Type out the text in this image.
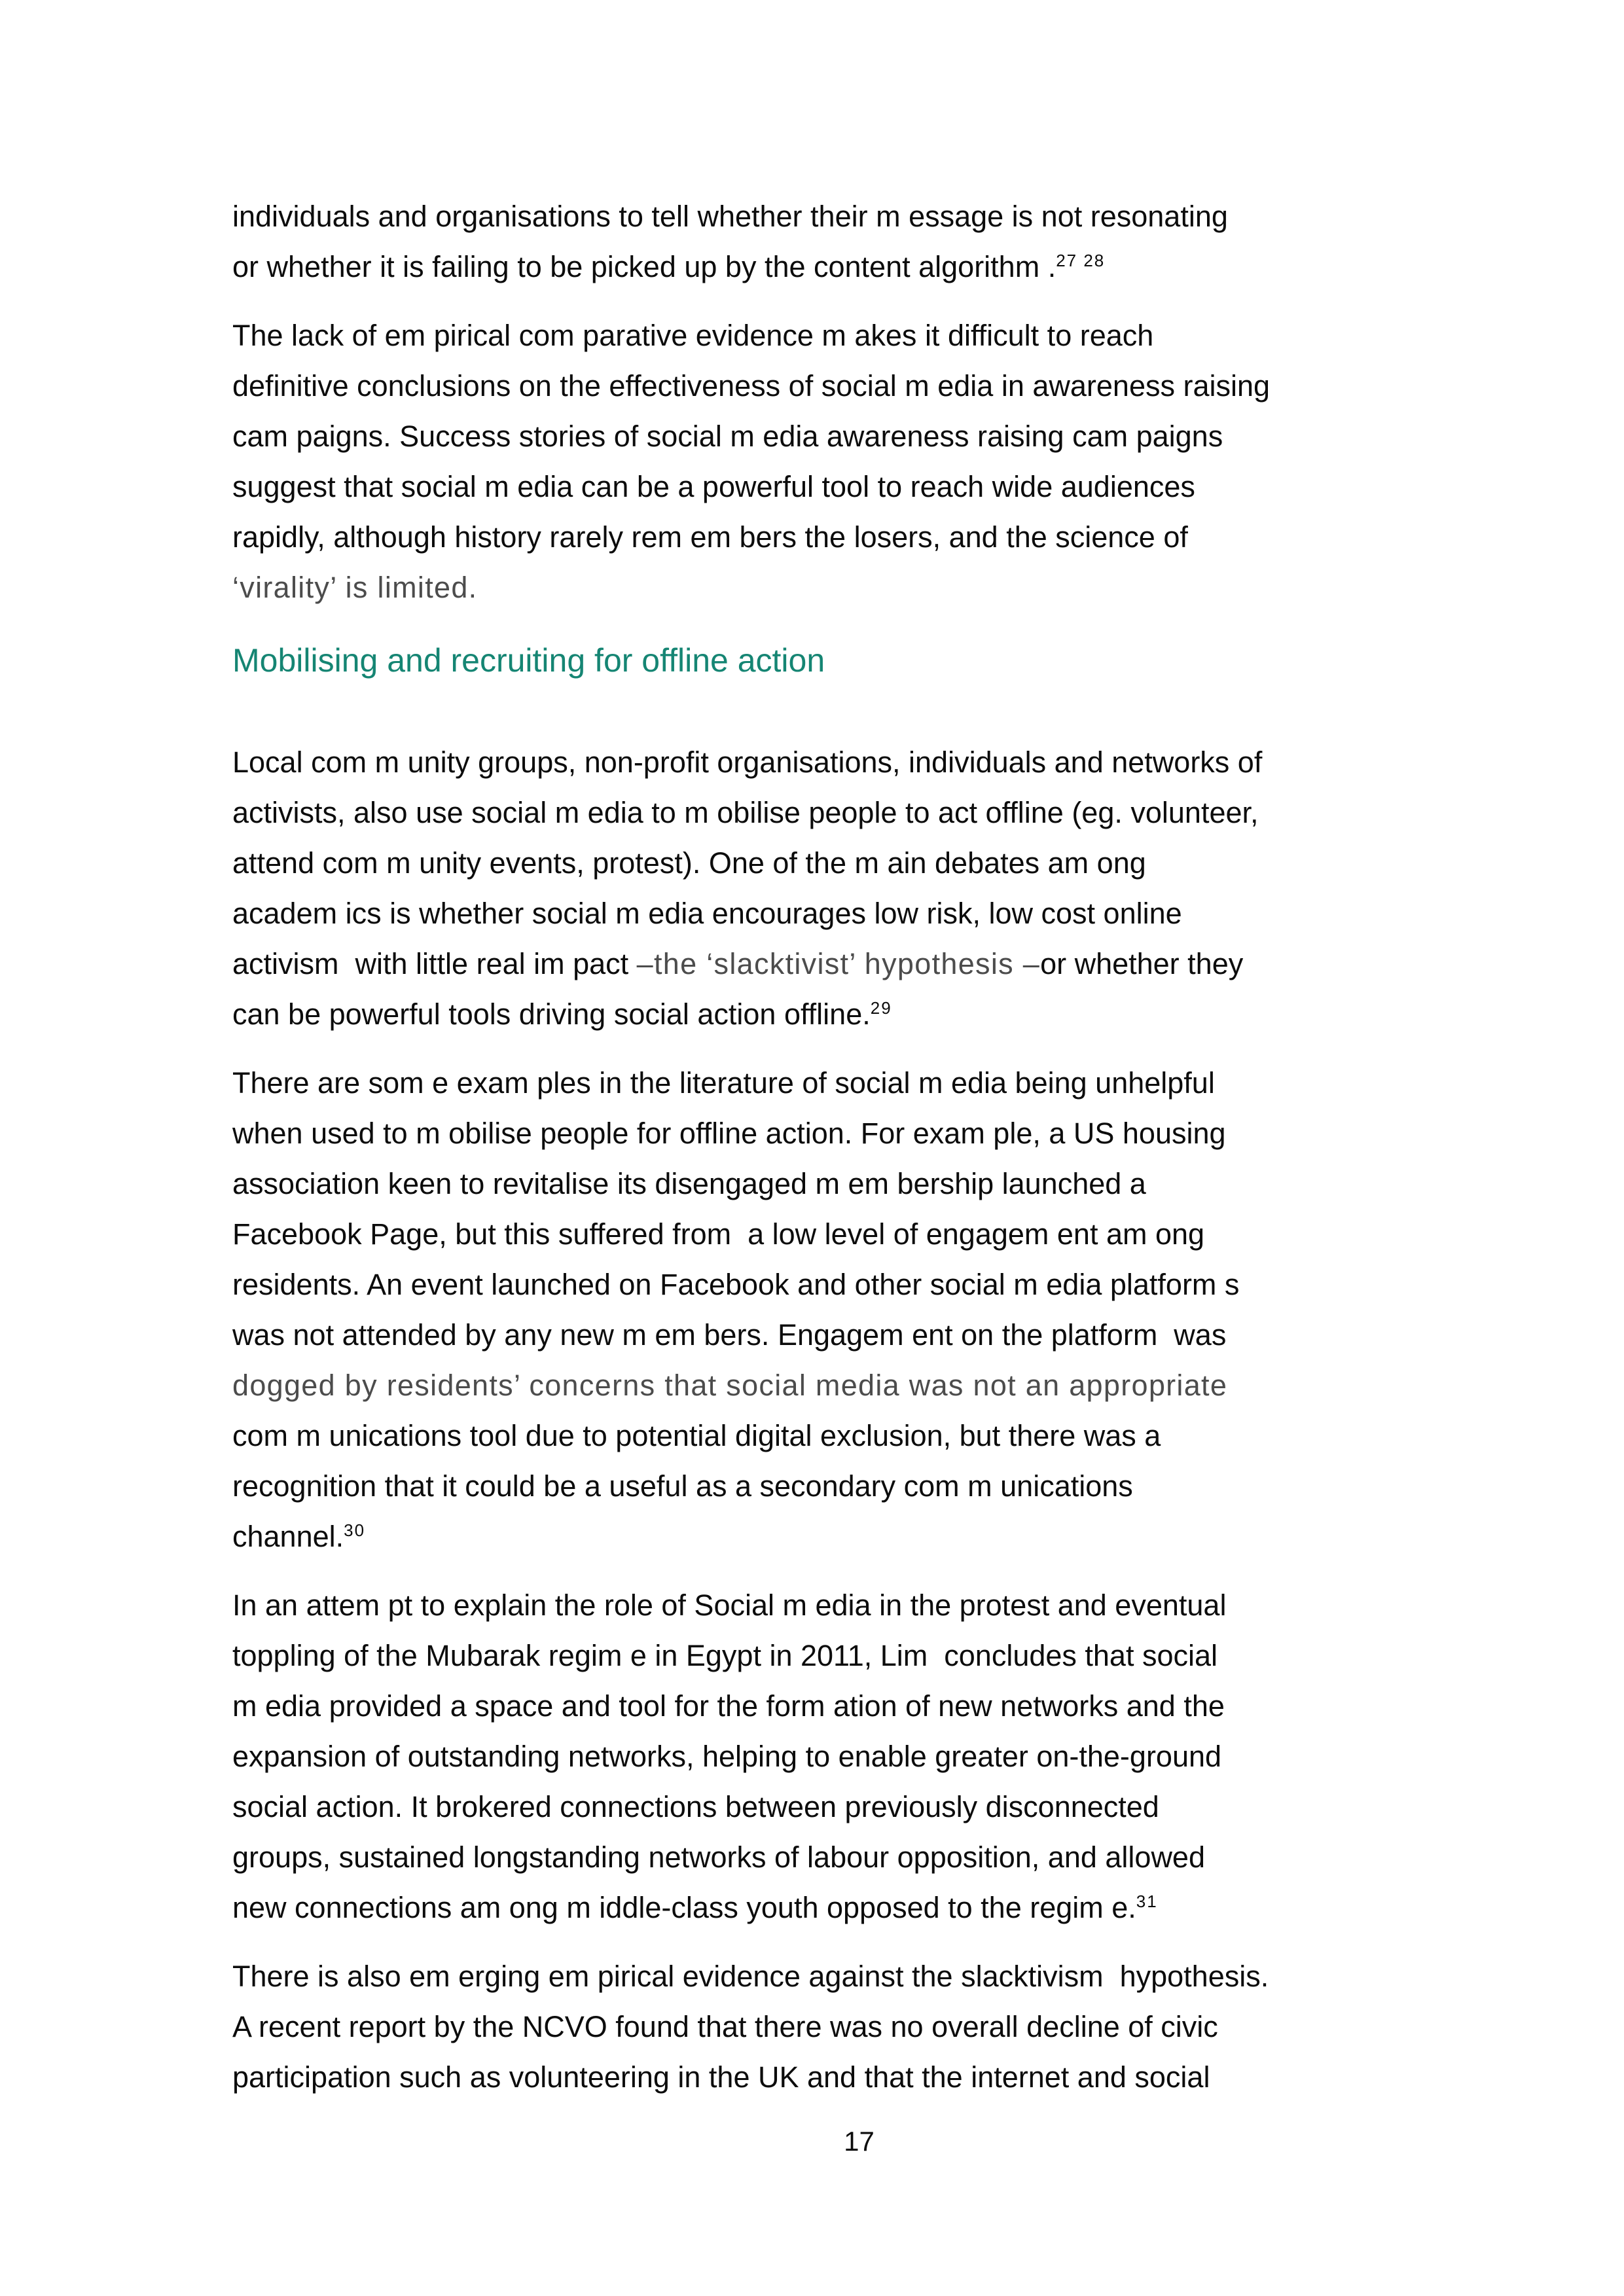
individuals and organisations to tell whether their m essage is not resonating
or whether it is failing to be picked up by the content algorithm .$^{27 28}$

The lack of em pirical com parative evidence m akes it difficult to reach
definitive conclusions on the effectiveness of social m edia in awareness raising
cam paigns. Success stories of social m edia awareness raising cam paigns
suggest that social m edia can be a powerful tool to reach wide audiences
rapidly, although history rarely rem em bers the losers, and the science of
‘virality’ is limited.

Mobilising and recruiting for offline action

Local com m unity groups, non-profit organisations, individuals and networks of
activists, also use social m edia to m obilise people to act offline (eg. volunteer,
attend com m unity events, protest). One of the m ain debates am ong
academ ics is whether social m edia encourages low risk, low cost online
activism  with little real im pact –the ‘slacktivist’ hypothesis –or whether they
can be powerful tools driving social action offline.$^{29}$

There are som e exam ples in the literature of social m edia being unhelpful
when used to m obilise people for offline action. For exam ple, a US housing
association keen to revitalise its disengaged m em bership launched a
Facebook Page, but this suffered from  a low level of engagem ent am ong
residents. An event launched on Facebook and other social m edia platform s
was not attended by any new m em bers. Engagem ent on the platform  was
dogged by residents’ concerns that social media was not an appropriate
com m unications tool due to potential digital exclusion, but there was a
recognition that it could be a useful as a secondary com m unications
channel.$^{30}$

In an attem pt to explain the role of Social m edia in the protest and eventual
toppling of the Mubarak regim e in Egypt in 2011, Lim  concludes that social
m edia provided a space and tool for the form ation of new networks and the
expansion of outstanding networks, helping to enable greater on-the-ground
social action. It brokered connections between previously disconnected
groups, sustained longstanding networks of labour opposition, and allowed
new connections am ong m iddle-class youth opposed to the regim e.$^{31}$

There is also em erging em pirical evidence against the slacktivism  hypothesis.
A recent report by the NCVO found that there was no overall decline of civic
participation such as volunteering in the UK and that the internet and social

17
